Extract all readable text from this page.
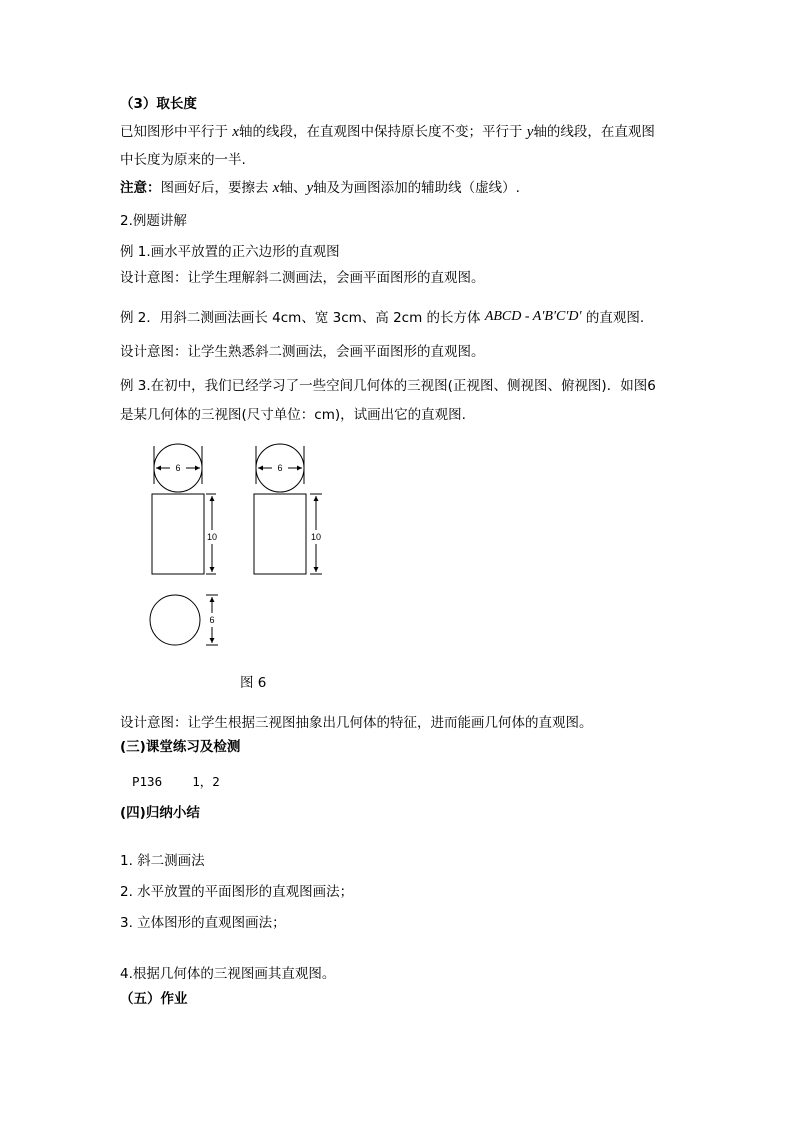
（3）取长度
已知图形中平行于 x轴的线段，在直观图中保持原长度不变；平行于 y轴的线段，在直观图
中长度为原来的一半.
注意：图画好后，要擦去 x轴、y轴及为画图添加的辅助线（虚线）.
2.例题讲解
例 1.画水平放置的正六边形的直观图
设计意图：让学生理解斜二测画法，会画平面图形的直观图。
例 2．用斜二测画法画长 4cm、宽 3cm、高 2cm 的长方体 ABCD - A′B′C′D′ 的直观图.
设计意图：让学生熟悉斜二测画法，会画平面图形的直观图。
例 3.在初中，我们已经学习了一些空间几何体的三视图(正视图、侧视图、俯视图)．如图6
是某几何体的三视图(尺寸单位：cm)，试画出它的直观图.
6
10
6
10
6
图 6
设计意图：让学生根据三视图抽象出几何体的特征，进而能画几何体的直观图。
(三)课堂练习及检测
P136    1，2
(四)归纳小结
1. 斜二测画法
2. 水平放置的平面图形的直观图画法；
3. 立体图形的直观图画法；
4.根据几何体的三视图画其直观图。
（五）作业
